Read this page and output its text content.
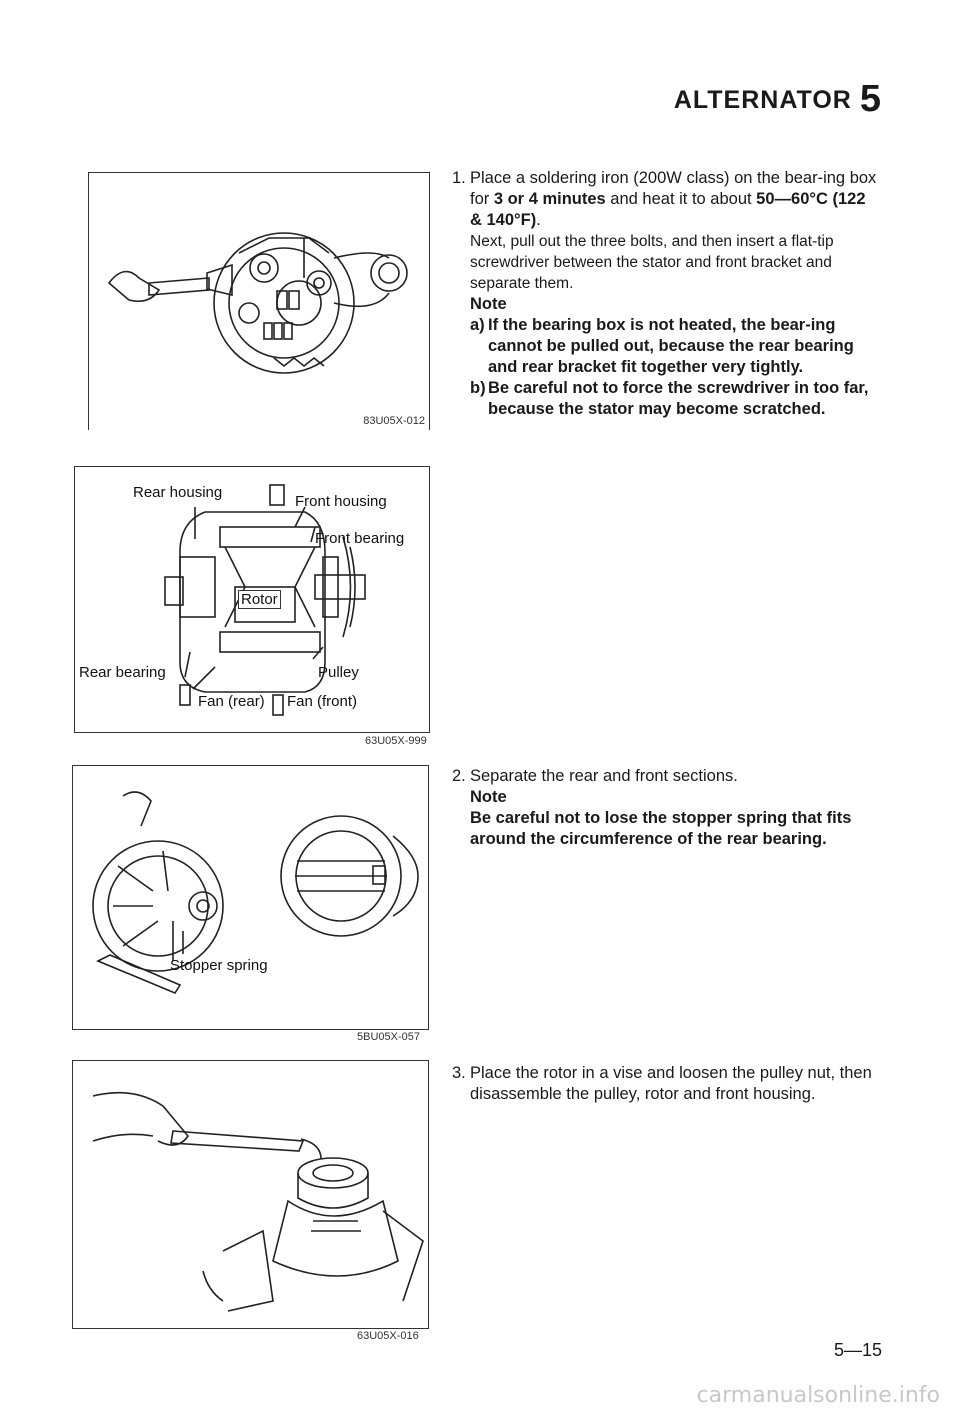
ALTERNATOR 5
83U05X-012
Rear housing
Front housing
Front bearing
Rotor
Rear bearing	Pulley
Fan (rear) Fan (front)
63U05X-999
Stopper spring
5BU05X-057
63U05X-016
1. Place a soldering iron (200W class) on the bear-ing box for 3 or 4 minutes and heat it to about 50—60°C (122 & 140°F).

Next, pull out the three bolts, and then insert a flat-tip screwdriver between the stator and front bracket and separate them.

Note

a) If the bearing box is not heated, the bear-ing cannot be pulled out, because the rear bearing and rear bracket fit together very tightly.
b) Be careful not to force the screwdriver in too far, because the stator may become scratched.
2. Separate the rear and front sections.

Note

Be careful not to lose the stopper spring that fits around the circumference of the rear bearing.

3. Place the rotor in a vise and loosen the pulley nut, then disassemble the pulley, rotor and front housing.

5—15
carmanualsonline.info
